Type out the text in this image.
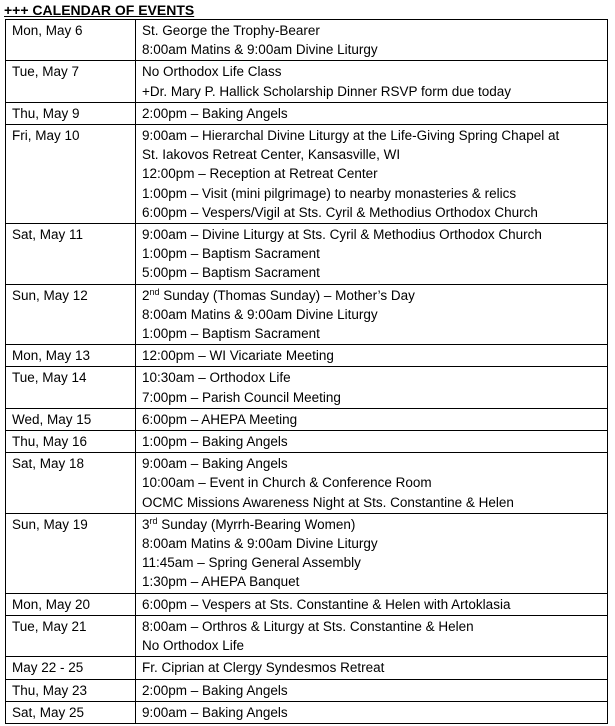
+++ CALENDAR OF EVENTS
Mon, May 6	St. George the Trophy-Bearer
8:00am Matins & 9:00am Divine Liturgy

Tue, May 7	No Orthodox Life Class
+Dr. Mary P. Hallick Scholarship Dinner RSVP form due today

Thu, May 9	2:00pm – Baking Angels

Fri, May 10	9:00am – Hierarchal Divine Liturgy at the Life-Giving Spring Chapel at
St. Iakovos Retreat Center, Kansasville, WI
12:00pm – Reception at Retreat Center
1:00pm – Visit (mini pilgrimage) to nearby monasteries & relics
6:00pm – Vespers/Vigil at Sts. Cyril & Methodius Orthodox Church

Sat, May 11	9:00am – Divine Liturgy at Sts. Cyril & Methodius Orthodox Church
1:00pm – Baptism Sacrament
5:00pm – Baptism Sacrament

Sun, May 12	2nd Sunday (Thomas Sunday) – Mother’s Day
8:00am Matins & 9:00am Divine Liturgy
1:00pm – Baptism Sacrament

Mon, May 13	12:00pm – WI Vicariate Meeting

Tue, May 14	10:30am – Orthodox Life
7:00pm – Parish Council Meeting

Wed, May 15	6:00pm – AHEPA Meeting

Thu, May 16	1:00pm – Baking Angels

Sat, May 18	9:00am – Baking Angels
10:00am – Event in Church & Conference Room
OCMC Missions Awareness Night at Sts. Constantine & Helen

Sun, May 19	3rd Sunday (Myrrh-Bearing Women)
8:00am Matins & 9:00am Divine Liturgy
11:45am – Spring General Assembly
1:30pm – AHEPA Banquet

Mon, May 20	6:00pm – Vespers at Sts. Constantine & Helen with Artoklasia

Tue, May 21	8:00am – Orthros & Liturgy at Sts. Constantine & Helen
No Orthodox Life

May 22 - 25	Fr. Ciprian at Clergy Syndesmos Retreat

Thu, May 23	2:00pm – Baking Angels

Sat, May 25	9:00am – Baking Angels
